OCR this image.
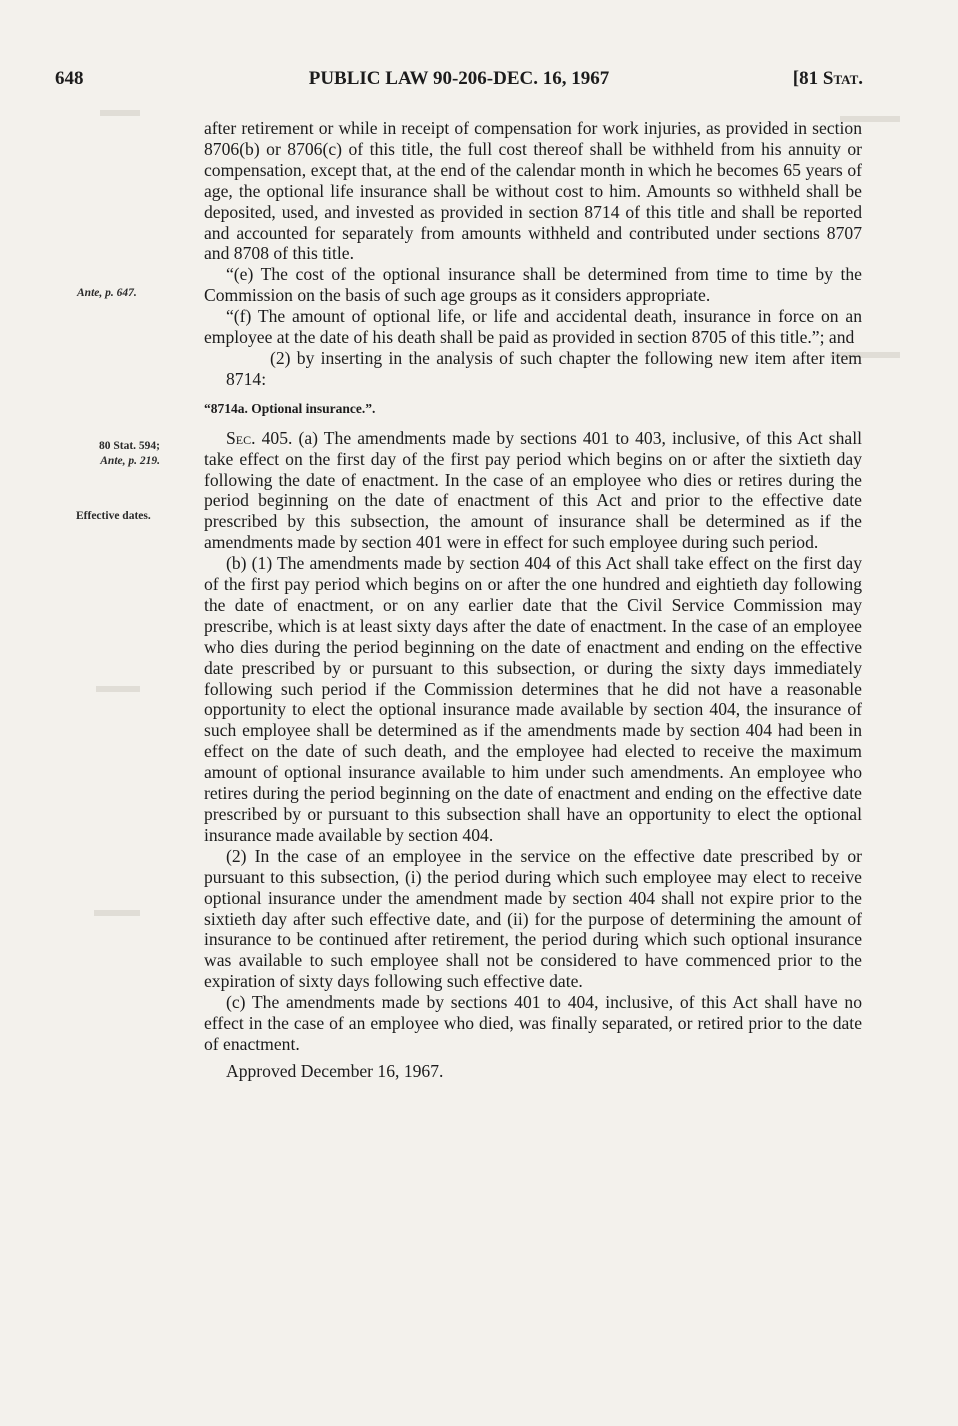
648	PUBLIC LAW 90-206-DEC. 16, 1967	[81 Stat.
Ante, p. 647.
80 Stat. 594;
Ante, p. 219.
Effective dates.

after retirement or while in receipt of compensation for work injuries, as provided in section 8706(b) or 8706(c) of this title, the full cost thereof shall be withheld from his annuity or compensation, except that, at the end of the calendar month in which he becomes 65 years of age, the optional life insurance shall be without cost to him. Amounts so withheld shall be deposited, used, and invested as provided in section 8714 of this title and shall be reported and accounted for separately from amounts withheld and contributed under sections 8707 and 8708 of this title.

“(e) The cost of the optional insurance shall be determined from time to time by the Commission on the basis of such age groups as it considers appropriate.

“(f) The amount of optional life, or life and accidental death, insurance in force on an employee at the date of his death shall be paid as provided in section 8705 of this title.”; and

(2) by inserting in the analysis of such chapter the following new item after item 8714:

“8714a. Optional insurance.”.

Sec. 405. (a) The amendments made by sections 401 to 403, inclusive, of this Act shall take effect on the first day of the first pay period which begins on or after the sixtieth day following the date of enactment. In the case of an employee who dies or retires during the period beginning on the date of enactment of this Act and prior to the effective date prescribed by this subsection, the amount of insurance shall be determined as if the amendments made by section 401 were in effect for such employee during such period.

(b) (1) The amendments made by section 404 of this Act shall take effect on the first day of the first pay period which begins on or after the one hundred and eightieth day following the date of enactment, or on any earlier date that the Civil Service Commission may prescribe, which is at least sixty days after the date of enactment. In the case of an employee who dies during the period beginning on the date of enactment and ending on the effective date prescribed by or pursuant to this subsection, or during the sixty days immediately following such period if the Commission determines that he did not have a reasonable opportunity to elect the optional insurance made available by section 404, the insurance of such employee shall be determined as if the amendments made by section 404 had been in effect on the date of such death, and the employee had elected to receive the maximum amount of optional insurance available to him under such amendments. An employee who retires during the period beginning on the date of enactment and ending on the effective date prescribed by or pursuant to this subsection shall have an opportunity to elect the optional insurance made available by section 404.

(2) In the case of an employee in the service on the effective date prescribed by or pursuant to this subsection, (i) the period during which such employee may elect to receive optional insurance under the amendment made by section 404 shall not expire prior to the sixtieth day after such effective date, and (ii) for the purpose of determining the amount of insurance to be continued after retirement, the period during which such optional insurance was available to such employee shall not be considered to have commenced prior to the expiration of sixty days following such effective date.

(c) The amendments made by sections 401 to 404, inclusive, of this Act shall have no effect in the case of an employee who died, was finally separated, or retired prior to the date of enactment.

Approved December 16, 1967.
